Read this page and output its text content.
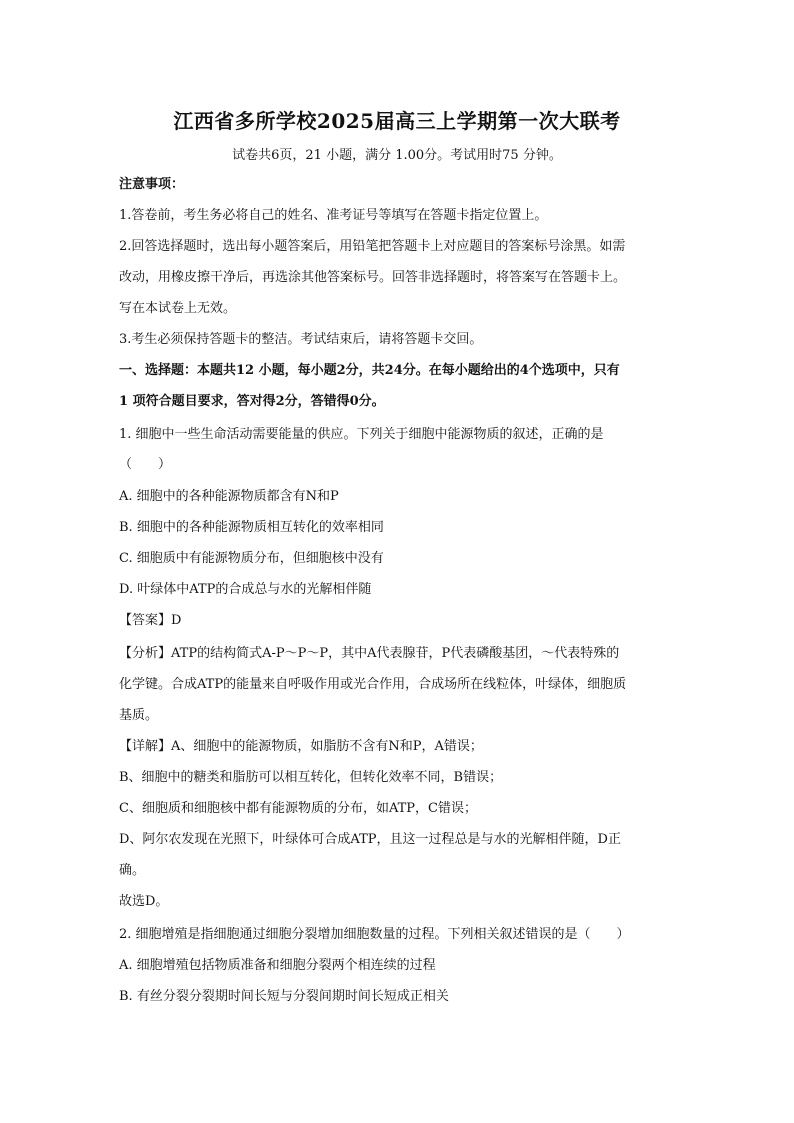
江西省多所学校2025届高三上学期第一次大联考
试卷共6页，21 小题，满分 1.00分。考试用时75 分钟。
注意事项：
1.答卷前，考生务必将自己的姓名、准考证号等填写在答题卡指定位置上。
2.回答选择题时，选出每小题答案后，用铅笔把答题卡上对应题目的答案标号涂黑。如需
改动，用橡皮擦干净后，再选涂其他答案标号。回答非选择题时，将答案写在答题卡上。
写在本试卷上无效。
3.考生必须保持答题卡的整洁。考试结束后，请将答题卡交回。
一、选择题：本题共12 小题，每小题2分，共24分。在每小题给出的4个选项中，只有
1 项符合题目要求，答对得2分，答错得0分。
1. 细胞中一些生命活动需要能量的供应。下列关于细胞中能源物质的叙述，正确的是
（　　）
A. 细胞中的各种能源物质都含有N和P
B. 细胞中的各种能源物质相互转化的效率相同
C. 细胞质中有能源物质分布，但细胞核中没有
D. 叶绿体中ATP的合成总与水的光解相伴随
【答案】D
【分析】ATP的结构简式A-P～P～P，其中A代表腺苷，P代表磷酸基团，～代表特殊的
化学键。合成ATP的能量来自呼吸作用或光合作用，合成场所在线粒体，叶绿体，细胞质
基质。
【详解】A、细胞中的能源物质，如脂肪不含有N和P，A错误；
B、细胞中的糖类和脂肪可以相互转化，但转化效率不同，B错误；
C、细胞质和细胞核中都有能源物质的分布，如ATP，C错误；
D、阿尔农发现在光照下，叶绿体可合成ATP，且这一过程总是与水的光解相伴随，D正
确。
故选D。
2. 细胞增殖是指细胞通过细胞分裂增加细胞数量的过程。下列相关叙述错误的是（　　）
A. 细胞增殖包括物质准备和细胞分裂两个相连续的过程
B. 有丝分裂分裂期时间长短与分裂间期时间长短成正相关
